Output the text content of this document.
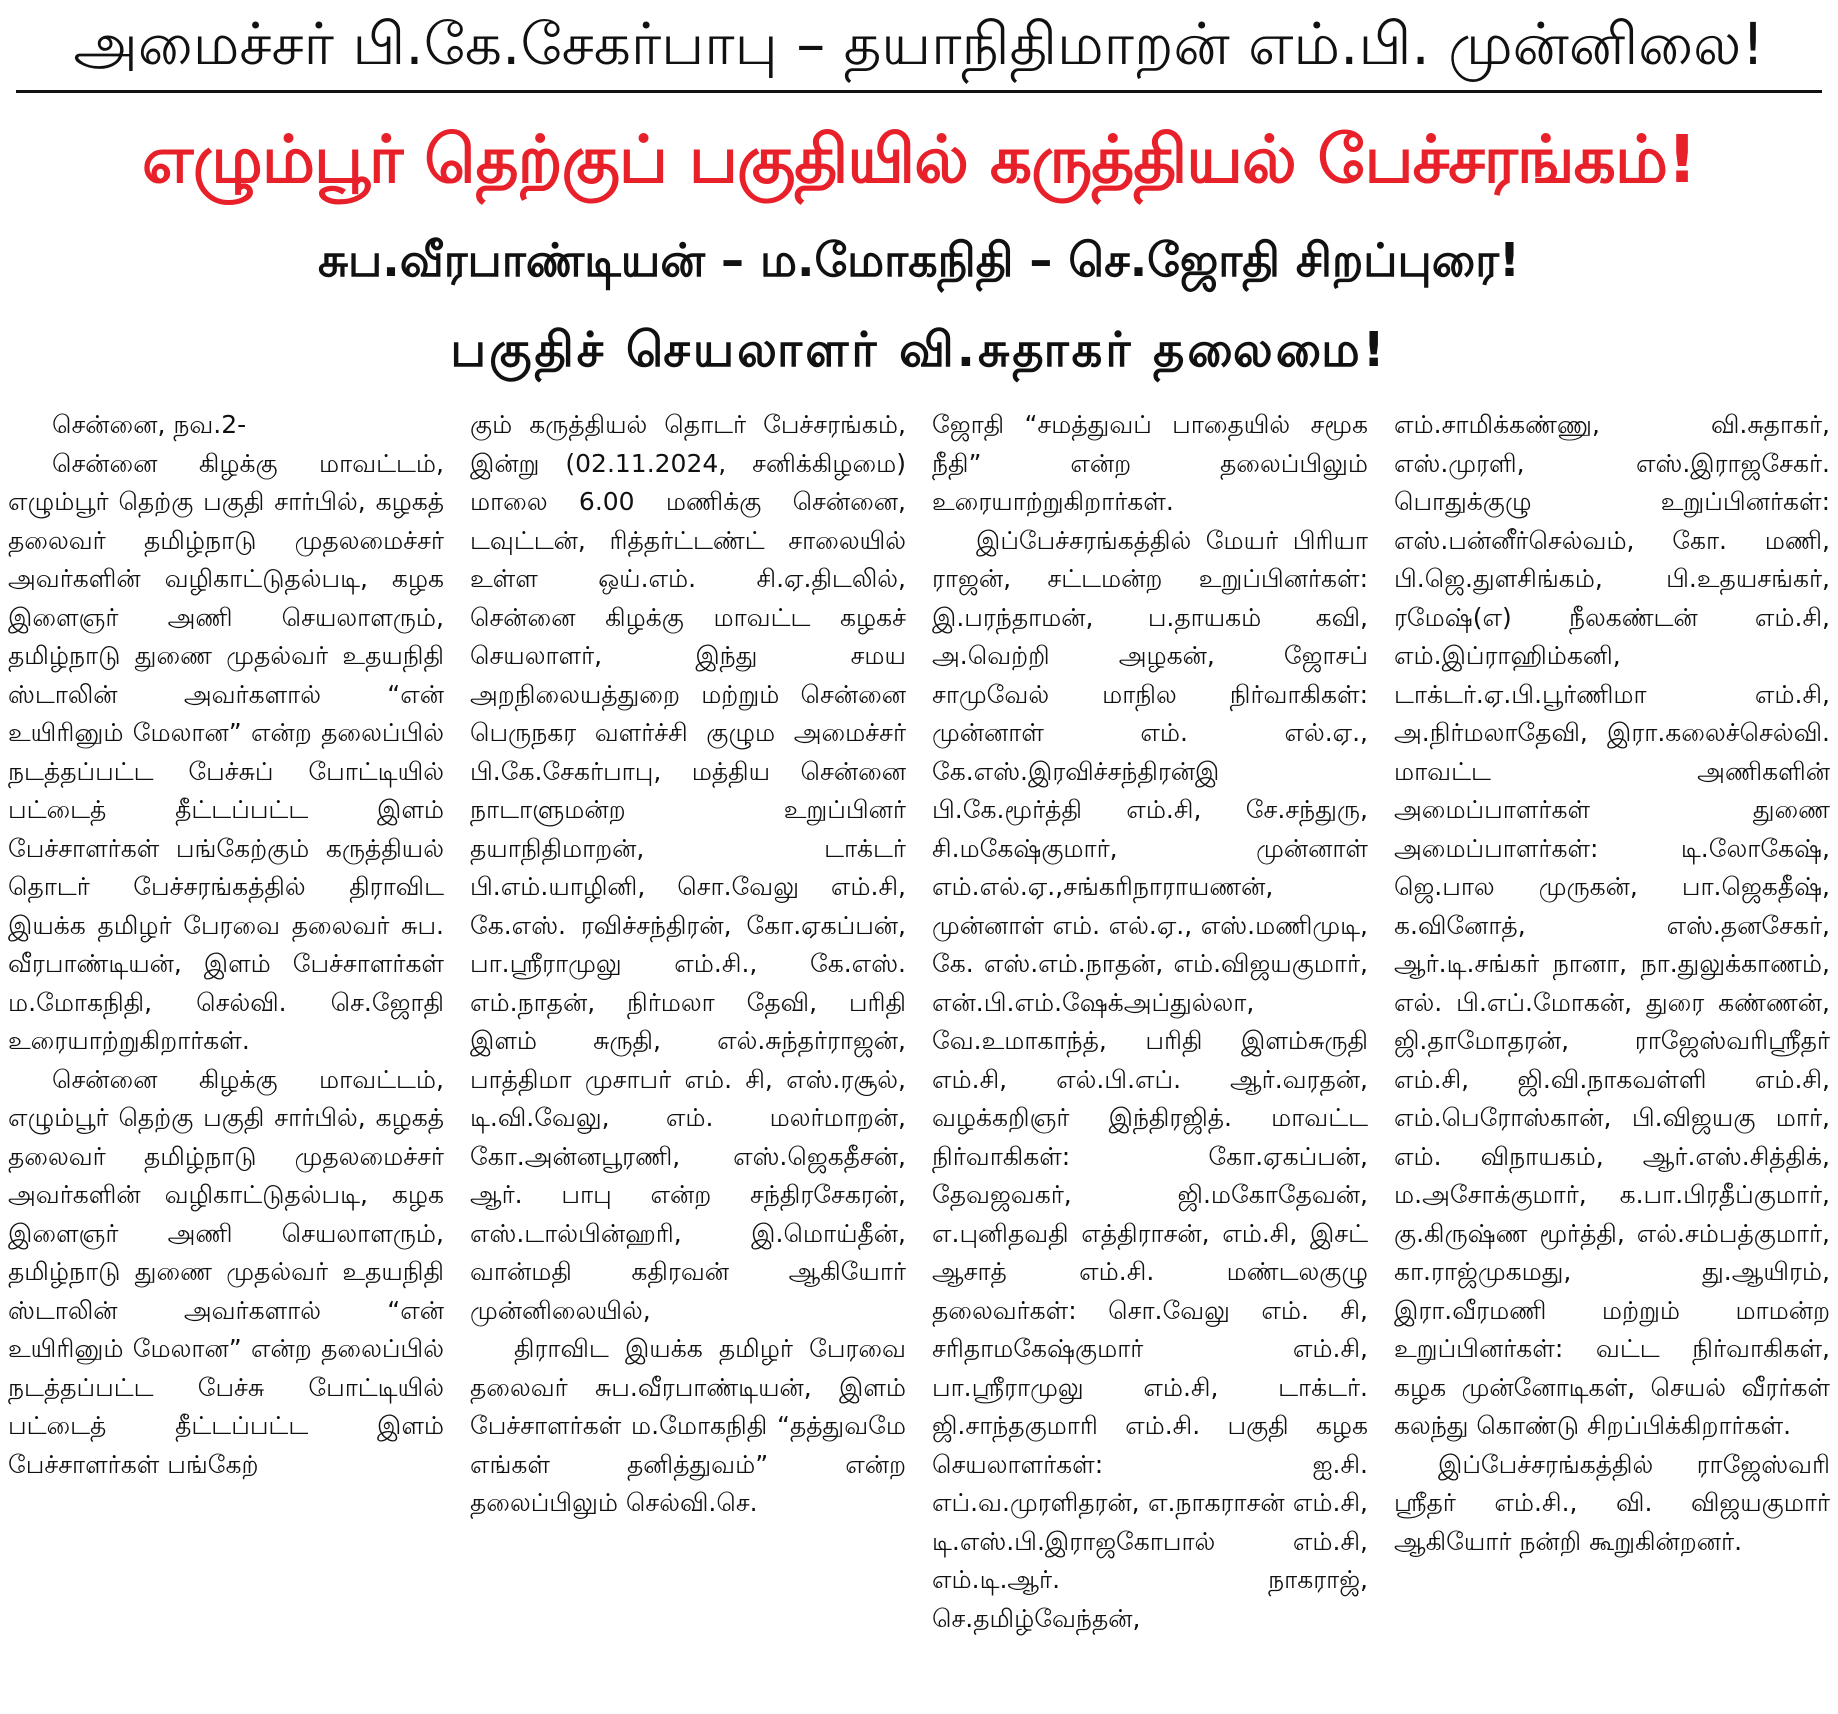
அமைச்சர் பி.கே.சேகர்பாபு – தயாநிதிமாறன் எம்.பி. முன்னிலை!
எழும்பூர் தெற்குப் பகுதியில் கருத்தியல் பேச்சரங்கம்!
சுப.வீரபாண்டியன் – ம.மோகநிதி – செ.ஜோதி சிறப்புரை!
பகுதிச் செயலாளர் வி.சுதாகர் தலைமை!

சென்னை, நவ.2-

சென்னை கிழக்கு மாவட்டம், எழும்பூர் தெற்கு பகுதி சார்பில், கழகத் தலைவர் தமிழ்நாடு முதலமைச்சர் அவர்களின் வழிகாட்டுதல்படி, கழக இளைஞர் அணி செயலாளரும், தமிழ்நாடு துணை முதல்வர் உதயநிதி ஸ்டாலின் அவர்களால் “என் உயிரினும் மேலான” என்ற தலைப்பில் நடத்தப்பட்ட பேச்சுப் போட்டியில் பட்டைத் தீட்டப்பட்ட இளம் பேச்சாளர்கள் பங்கேற்கும் கருத்தியல் தொடர் பேச்சரங்கத்தில் திராவிட இயக்க தமிழர் பேரவை தலைவர் சுப. வீரபாண்டியன், இளம் பேச்சாளர்கள் ம.மோகநிதி, செல்வி. செ.ஜோதி உரையாற்றுகிறார்கள்.

சென்னை கிழக்கு மாவட்டம், எழும்பூர் தெற்கு பகுதி சார்பில், கழகத் தலைவர் தமிழ்நாடு முதலமைச்சர் அவர்களின் வழிகாட்டுதல்படி, கழக இளைஞர் அணி செயலாளரும், தமிழ்நாடு துணை முதல்வர் உதயநிதி ஸ்டாலின் அவர்களால் “என் உயிரினும் மேலான” என்ற தலைப்பில் நடத்தப்பட்ட பேச்சு போட்டியில் பட்டைத் தீட்டப்பட்ட இளம் பேச்சாளர்கள் பங்கேற்

கும் கருத்தியல் தொடர் பேச்சரங்கம், இன்று (02.11.2024, சனிக்கிழமை) மாலை 6.00 மணிக்கு சென்னை, டவுட்டன், ரித்தர்ட்டண்ட் சாலையில் உள்ள ஒய்.எம். சி.ஏ.திடலில், சென்னை கிழக்கு மாவட்ட கழகச் செயலாளர், இந்து சமய அறநிலையத்துறை மற்றும் சென்னை பெருநகர வளர்ச்சி குழும அமைச்சர் பி.கே.சேகர்பாபு, மத்திய சென்னை நாடாளுமன்ற உறுப்பினர் தயாநிதிமாறன், டாக்டர் பி.எம்.யாழினி, சொ.வேலு எம்.சி, கே.எஸ். ரவிச்சந்திரன், கோ.ஏகப்பன், பா.ஸ்ரீராமுலு எம்.சி., கே.எஸ். எம்.நாதன், நிர்மலா தேவி, பரிதி இளம் சுருதி, எல்.சுந்தர்ராஜன், பாத்திமா முசாபர் எம். சி, எஸ்.ரசூல், டி.வி.வேலு, எம். மலர்மாறன், கோ.அன்னபூரணி, எஸ்.ஜெகதீசன், ஆர். பாபு என்ற சந்திரசேகரன், எஸ்.டால்பின்ஹரி, இ.மொய்தீன், வான்மதி கதிரவன் ஆகியோர் முன்னிலையில்,

திராவிட இயக்க தமிழர் பேரவை தலைவர் சுப.வீரபாண்டியன், இளம் பேச்சாளர்கள் ம.மோகநிதி “தத்துவமே எங்கள் தனித்துவம்” என்ற தலைப்பிலும் செல்வி.செ.

ஜோதி “சமத்துவப் பாதையில் சமூக நீதி” என்ற தலைப்பிலும் உரையாற்றுகிறார்கள்.

இப்பேச்சரங்கத்தில் மேயர் பிரியா ராஜன், சட்டமன்ற உறுப்பினர்கள்: இ.பரந்தாமன், ப.தாயகம் கவி, அ.வெற்றி அழகன், ஜோசப் சாமுவேல் மாநில நிர்வாகிகள்: முன்னாள் எம். எல்.ஏ., கே.எஸ்.இரவிச்சந்திரன்இ பி.கே.மூர்த்தி எம்.சி, சே.சந்துரு, சி.மகேஷ்குமார், முன்னாள் எம்.எல்.ஏ.,சங்கரிநாராயணன், முன்னாள் எம். எல்.ஏ., எஸ்.மணிமுடி, கே. எஸ்.எம்.நாதன், எம்.விஜயகுமார், என்.பி.எம்.ஷேக்அப்துல்லா, வே.உமாகாந்த், பரிதி இளம்சுருதி எம்.சி, எல்.பி.எப். ஆர்.வரதன், வழக்கறிஞர் இந்திரஜித். மாவட்ட நிர்வாகிகள்: கோ.ஏகப்பன், தேவஜவகர், ஜி.மகோதேவன், எ.புனிதவதி எத்திராசன், எம்.சி, இசட் ஆசாத் எம்.சி. மண்டலகுழு தலைவர்கள்: சொ.வேலு எம். சி, சரிதாமகேஷ்குமார் எம்.சி, பா.ஸ்ரீராமுலு எம்.சி, டாக்டர். ஜி.சாந்தகுமாரி எம்.சி. பகுதி கழக செயலாளர்கள்: ஐ.சி. எப்.வ.முரளிதரன், எ.நாகராசன் எம்.சி, டி.எஸ்.பி.இராஜகோபால் எம்.சி, எம்.டி.ஆர். நாகராஜ், செ.தமிழ்வேந்தன்,

எம்.சாமிக்கண்ணு, வி.சுதாகர், எஸ்.முரளி, எஸ்.இராஜசேகர். பொதுக்குழு உறுப்பினர்கள்: எஸ்.பன்னீர்செல்வம், கோ. மணி, பி.ஜெ.துளசிங்கம், பி.உதயசங்கர், ரமேஷ்(எ) நீலகண்டன் எம்.சி, எம்.இப்ராஹிம்கனி, டாக்டர்.ஏ.பி.பூர்ணிமா எம்.சி, அ.நிர்மலாதேவி, இரா.கலைச்செல்வி. மாவட்ட அணிகளின் அமைப்பாளர்கள் துணை அமைப்பாளர்கள்: டி.லோகேஷ், ஜெ.பால முருகன், பா.ஜெகதீஷ், க.வினோத், எஸ்.தனசேகர், ஆர்.டி.சங்கர் நானா, நா.துலுக்காணம், எல். பி.எப்.மோகன், துரை கண்ணன், ஜி.தாமோதரன், ராஜேஸ்வரிஸ்ரீதர் எம்.சி, ஜி.வி.நாகவள்ளி எம்.சி, எம்.பெரோஸ்கான், பி.விஜயகு மார், எம். விநாயகம், ஆர்.எஸ்.சித்திக், ம.அசோக்குமார், க.பா.பிரதீப்குமார், கு.கிருஷ்ண மூர்த்தி, எல்.சம்பத்குமார், கா.ராஜ்முகமது, து.ஆயிரம், இரா.வீரமணி மற்றும் மாமன்ற உறுப்பினர்கள்: வட்ட நிர்வாகிகள், கழக முன்னோடிகள், செயல் வீரர்கள் கலந்து கொண்டு சிறப்பிக்கிறார்கள்.

இப்பேச்சரங்கத்தில் ராஜேஸ்வரி ஸ்ரீதர் எம்.சி., வி. விஜயகுமார் ஆகியோர் நன்றி கூறுகின்றனர்.
